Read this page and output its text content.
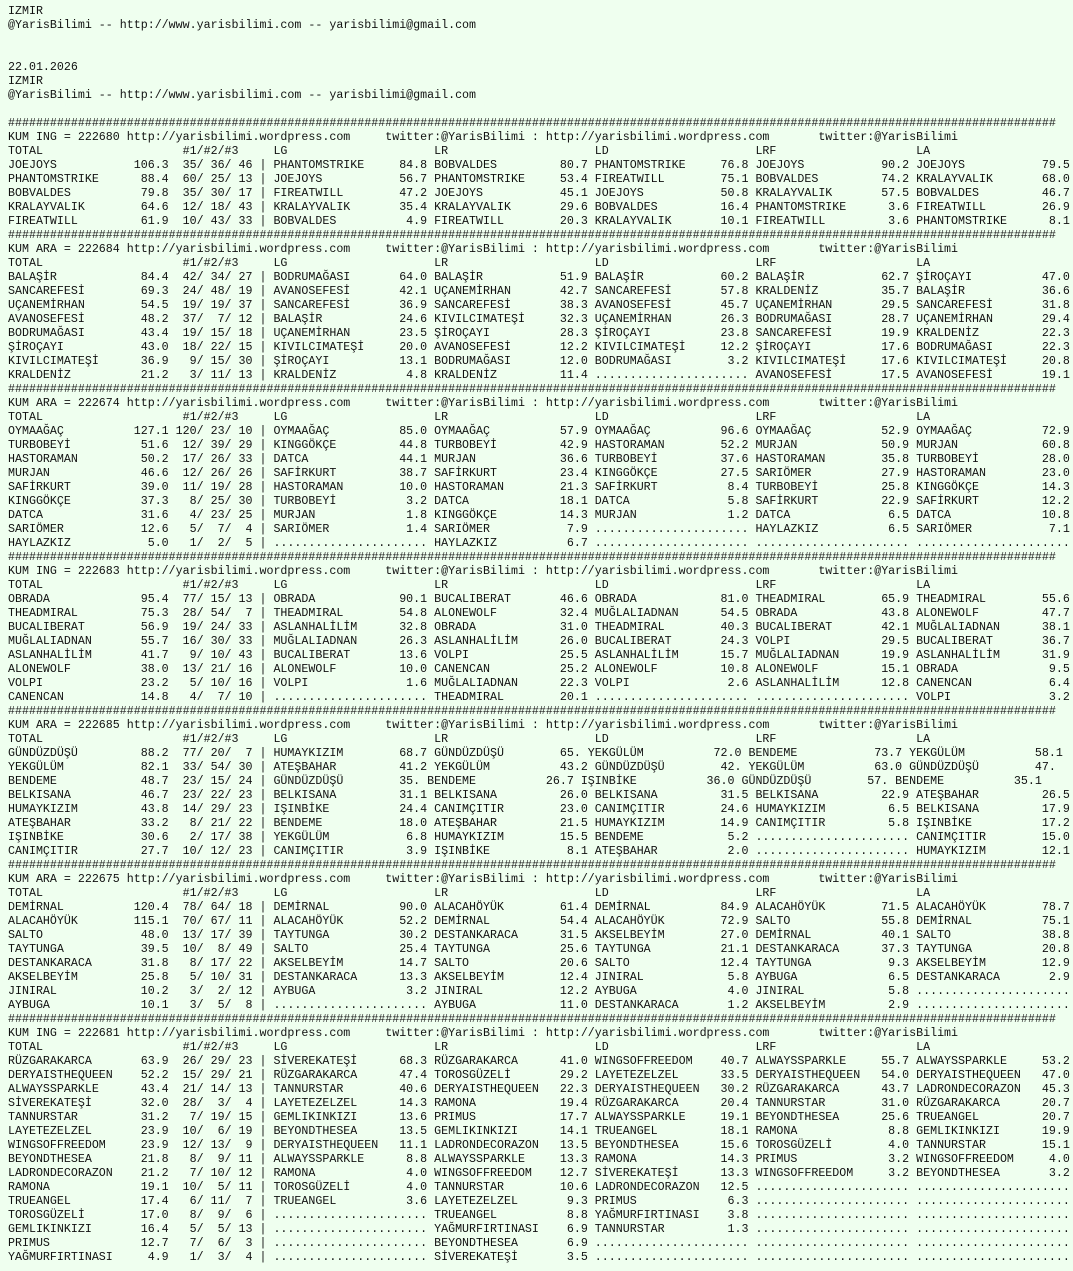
IZMIR
@YarisBilimi -- http://www.yarisbilimi.com -- yarisbilimi@gmail.com
22.01.2026
IZMIR
@YarisBilimi -- http://www.yarisbilimi.com -- yarisbilimi@gmail.com
######################################################################################################################################################
KUM ING = 222680 http://yarisbilimi.wordpress.com     twitter:@YarisBilimi : http://yarisbilimi.wordpress.com       twitter:@YarisBilimi
TOTAL                    #1/#2/#3     LG                     LR                     LD                     LRF                    LA
JOEJOYS           106.3  35/ 36/ 46 | PHANTOMSTRIKE     84.8 BOBVALDES         80.7 PHANTOMSTRIKE     76.8 JOEJOYS           90.2 JOEJOYS           79.5
PHANTOMSTRIKE      88.4  60/ 25/ 13 | JOEJOYS           56.7 PHANTOMSTRIKE     53.4 FIREATWILL        75.1 BOBVALDES         74.2 KRALAYVALIK       68.0
BOBVALDES          79.8  35/ 30/ 17 | FIREATWILL        47.2 JOEJOYS           45.1 JOEJOYS           50.8 KRALAYVALIK       57.5 BOBVALDES         46.7
KRALAYVALIK        64.6  12/ 18/ 43 | KRALAYVALIK       35.4 KRALAYVALIK       29.6 BOBVALDES         16.4 PHANTOMSTRIKE      3.6 FIREATWILL        26.9
FIREATWILL         61.9  10/ 43/ 33 | BOBVALDES          4.9 FIREATWILL        20.3 KRALAYVALIK       10.1 FIREATWILL         3.6 PHANTOMSTRIKE      8.1
######################################################################################################################################################
KUM ARA = 222684 http://yarisbilimi.wordpress.com     twitter:@YarisBilimi : http://yarisbilimi.wordpress.com       twitter:@YarisBilimi
TOTAL                    #1/#2/#3     LG                     LR                     LD                     LRF                    LA
BALAŞİR            84.4  42/ 34/ 27 | BODRUMAĞASI       64.0 BALAŞİR           51.9 BALAŞİR           60.2 BALAŞİR           62.7 ŞİROÇAYI          47.0
SANCAREFESİ        69.3  24/ 48/ 19 | AVANOSEFESİ       42.1 UÇANEMİRHAN       42.7 SANCAREFESİ       57.8 KRALDENİZ         35.7 BALAŞİR           36.6
UÇANEMİRHAN        54.5  19/ 19/ 37 | SANCAREFESİ       36.9 SANCAREFESİ       38.3 AVANOSEFESİ       45.7 UÇANEMİRHAN       29.5 SANCAREFESİ       31.8
AVANOSEFESİ        48.2  37/  7/ 12 | BALAŞİR           24.6 KIVILCIMATEŞİ     32.3 UÇANEMİRHAN       26.3 BODRUMAĞASI       28.7 UÇANEMİRHAN       29.4
BODRUMAĞASI        43.4  19/ 15/ 18 | UÇANEMİRHAN       23.5 ŞİROÇAYI          28.3 ŞİROÇAYI          23.8 SANCAREFESİ       19.9 KRALDENİZ         22.3
ŞİROÇAYI           43.0  18/ 22/ 15 | KIVILCIMATEŞİ     20.0 AVANOSEFESİ       12.2 KIVILCIMATEŞİ     12.2 ŞİROÇAYI          17.6 BODRUMAĞASI       22.3
KIVILCIMATEŞİ      36.9   9/ 15/ 30 | ŞİROÇAYI          13.1 BODRUMAĞASI       12.0 BODRUMAĞASI        3.2 KIVILCIMATEŞİ     17.6 KIVILCIMATEŞİ     20.8
KRALDENİZ          21.2   3/ 11/ 13 | KRALDENİZ          4.8 KRALDENİZ         11.4 ...................... AVANOSEFESİ       17.5 AVANOSEFESİ       19.1
######################################################################################################################################################
KUM ARA = 222674 http://yarisbilimi.wordpress.com     twitter:@YarisBilimi : http://yarisbilimi.wordpress.com       twitter:@YarisBilimi
TOTAL                    #1/#2/#3     LG                     LR                     LD                     LRF                    LA
OYMAAĞAÇ          127.1 120/ 23/ 10 | OYMAAĞAÇ          85.0 OYMAAĞAÇ          57.9 OYMAAĞAÇ          96.6 OYMAAĞAÇ          52.9 OYMAAĞAÇ          72.9
TURBOBEYİ          51.6  12/ 39/ 29 | KINGGÖKÇE         44.8 TURBOBEYİ         42.9 HASTORAMAN        52.2 MURJAN            50.9 MURJAN            60.8
HASTORAMAN         50.2  17/ 26/ 33 | DATCA             44.1 MURJAN            36.6 TURBOBEYİ         37.6 HASTORAMAN        35.8 TURBOBEYİ         28.0
MURJAN             46.6  12/ 26/ 26 | SAFİRKURT         38.7 SAFİRKURT         23.4 KINGGÖKÇE         27.5 SARIÖMER          27.9 HASTORAMAN        23.0
SAFİRKURT          39.0  11/ 19/ 28 | HASTORAMAN        10.0 HASTORAMAN        21.3 SAFİRKURT          8.4 TURBOBEYİ         25.8 KINGGÖKÇE         14.3
KINGGÖKÇE          37.3   8/ 25/ 30 | TURBOBEYİ          3.2 DATCA             18.1 DATCA              5.8 SAFİRKURT         22.9 SAFİRKURT         12.2
DATCA              31.6   4/ 23/ 25 | MURJAN             1.8 KINGGÖKÇE         14.3 MURJAN             1.2 DATCA              6.5 DATCA             10.8
SARIÖMER           12.6   5/  7/  4 | SARIÖMER           1.4 SARIÖMER           7.9 ...................... HAYLAZKIZ          6.5 SARIÖMER           7.1
HAYLAZKIZ           5.0   1/  2/  5 | ...................... HAYLAZKIZ          6.7 ...................... ...................... ......................
######################################################################################################################################################
KUM ING = 222683 http://yarisbilimi.wordpress.com     twitter:@YarisBilimi : http://yarisbilimi.wordpress.com       twitter:@YarisBilimi
TOTAL                    #1/#2/#3     LG                     LR                     LD                     LRF                    LA
OBRADA             95.4  77/ 15/ 13 | OBRADA            90.1 BUCALIBERAT       46.6 OBRADA            81.0 THEADMIRAL        65.9 THEADMIRAL        55.6
THEADMIRAL         75.3  28/ 54/  7 | THEADMIRAL        54.8 ALONEWOLF         32.4 MUĞLALIADNAN      54.5 OBRADA            43.8 ALONEWOLF         47.7
BUCALIBERAT        56.9  19/ 24/ 33 | ASLANHALİLİM      32.8 OBRADA            31.0 THEADMIRAL        40.3 BUCALIBERAT       42.1 MUĞLALIADNAN      38.1
MUĞLALIADNAN       55.7  16/ 30/ 33 | MUĞLALIADNAN      26.3 ASLANHALİLİM      26.0 BUCALIBERAT       24.3 VOLPI             29.5 BUCALIBERAT       36.7
ASLANHALİLİM       41.7   9/ 10/ 43 | BUCALIBERAT       13.6 VOLPI             25.5 ASLANHALİLİM      15.7 MUĞLALIADNAN      19.9 ASLANHALİLİM      31.9
ALONEWOLF          38.0  13/ 21/ 16 | ALONEWOLF         10.0 CANENCAN          25.2 ALONEWOLF         10.8 ALONEWOLF         15.1 OBRADA             9.5
VOLPI              23.2   5/ 10/ 16 | VOLPI              1.6 MUĞLALIADNAN      22.3 VOLPI              2.6 ASLANHALİLİM      12.8 CANENCAN           6.4
CANENCAN           14.8   4/  7/ 10 | ...................... THEADMIRAL        20.1 ...................... ...................... VOLPI              3.2
######################################################################################################################################################
KUM ARA = 222685 http://yarisbilimi.wordpress.com     twitter:@YarisBilimi : http://yarisbilimi.wordpress.com       twitter:@YarisBilimi
TOTAL                    #1/#2/#3     LG                     LR                     LD                     LRF                    LA
GÜNDÜZDÜŞÜ         88.2  77/ 20/  7 | HUMAYKIZIM        68.7 GÜNDÜZDÜŞÜ        65. YEKGÜLÜM          72.0 BENDEME           73.7 YEKGÜLÜM          58.1
YEKGÜLÜM           82.1  33/ 54/ 30 | ATEŞBAHAR         41.2 YEKGÜLÜM          43.2 GÜNDÜZDÜŞÜ        42. YEKGÜLÜM          63.0 GÜNDÜZDÜŞÜ        47.
BENDEME            48.7  23/ 15/ 24 | GÜNDÜZDÜŞÜ        35. BENDEME          26.7 IŞINBİKE          36.0 GÜNDÜZDÜŞÜ        57. BENDEME          35.1
BELKISANA          46.7  23/ 22/ 23 | BELKISANA         31.1 BELKISANA         26.0 BELKISANA         31.5 BELKISANA         22.9 ATEŞBAHAR         26.5
HUMAYKIZIM         43.8  14/ 29/ 23 | IŞINBİKE          24.4 CANIMÇITIR        23.0 CANIMÇITIR        24.6 HUMAYKIZIM         6.5 BELKISANA         17.9
ATEŞBAHAR          33.2   8/ 21/ 22 | BENDEME           18.0 ATEŞBAHAR         21.5 HUMAYKIZIM        14.9 CANIMÇITIR         5.8 IŞINBİKE          17.2
IŞINBİKE           30.6   2/ 17/ 38 | YEKGÜLÜM           6.8 HUMAYKIZIM        15.5 BENDEME            5.2 ...................... CANIMÇITIR        15.0
CANIMÇITIR         27.7  10/ 12/ 23 | CANIMÇITIR         3.9 IŞINBİKE           8.1 ATEŞBAHAR          2.0 ...................... HUMAYKIZIM        12.1
######################################################################################################################################################
KUM ARA = 222675 http://yarisbilimi.wordpress.com     twitter:@YarisBilimi : http://yarisbilimi.wordpress.com       twitter:@YarisBilimi
TOTAL                    #1/#2/#3     LG                     LR                     LD                     LRF                    LA
DEMİRNAL          120.4  78/ 64/ 18 | DEMİRNAL          90.0 ALACAHÖYÜK        61.4 DEMİRNAL          84.9 ALACAHÖYÜK        71.5 ALACAHÖYÜK        78.7
ALACAHÖYÜK        115.1  70/ 67/ 11 | ALACAHÖYÜK        52.2 DEMİRNAL          54.4 ALACAHÖYÜK        72.9 SALTO             55.8 DEMİRNAL          75.1
SALTO              48.0  13/ 17/ 39 | TAYTUNGA          30.2 DESTANKARACA      31.5 AKSELBEYİM        27.0 DEMİRNAL          40.1 SALTO             38.8
TAYTUNGA           39.5  10/  8/ 49 | SALTO             25.4 TAYTUNGA          25.6 TAYTUNGA          21.1 DESTANKARACA      37.3 TAYTUNGA          20.8
DESTANKARACA       31.8   8/ 17/ 22 | AKSELBEYİM        14.7 SALTO             20.6 SALTO             12.4 TAYTUNGA           9.3 AKSELBEYİM        12.9
AKSELBEYİM         25.8   5/ 10/ 31 | DESTANKARACA      13.3 AKSELBEYİM        12.4 JINIRAL            5.8 AYBUGA             6.5 DESTANKARACA       2.9
JINIRAL            10.2   3/  2/ 12 | AYBUGA             3.2 JINIRAL           12.2 AYBUGA             4.0 JINIRAL            5.8 ......................
AYBUGA             10.1   3/  5/  8 | ...................... AYBUGA            11.0 DESTANKARACA       1.2 AKSELBEYİM         2.9 ......................
######################################################################################################################################################
KUM ING = 222681 http://yarisbilimi.wordpress.com     twitter:@YarisBilimi : http://yarisbilimi.wordpress.com       twitter:@YarisBilimi
TOTAL                    #1/#2/#3     LG                     LR                     LD                     LRF                    LA
RÜZGARAKARCA       63.9  26/ 29/ 23 | SİVEREKATEŞİ      68.3 RÜZGARAKARCA      41.0 WINGSOFFREEDOM    40.7 ALWAYSSPARKLE     55.7 ALWAYSSPARKLE     53.2
DERYAISTHEQUEEN    52.2  15/ 29/ 21 | RÜZGARAKARCA      47.4 TOROSGÜZELİ       29.2 LAYETEZELZEL      33.5 DERYAISTHEQUEEN   54.0 DERYAISTHEQUEEN   47.0
ALWAYSSPARKLE      43.4  21/ 14/ 13 | TANNURSTAR        40.6 DERYAISTHEQUEEN   22.3 DERYAISTHEQUEEN   30.2 RÜZGARAKARCA      43.7 LADRONDECORAZON   45.3
SİVEREKATEŞİ       32.0  28/  3/  4 | LAYETEZELZEL      14.3 RAMONA            19.4 RÜZGARAKARCA      20.4 TANNURSTAR        31.0 RÜZGARAKARCA      20.7
TANNURSTAR         31.2   7/ 19/ 15 | GEMLIKINKIZI      13.6 PRIMUS            17.7 ALWAYSSPARKLE     19.1 BEYONDTHESEA      25.6 TRUEANGEL         20.7
LAYETEZELZEL       23.9  10/  6/ 19 | BEYONDTHESEA      13.5 GEMLIKINKIZI      14.1 TRUEANGEL         18.1 RAMONA             8.8 GEMLIKINKIZI      19.9
WINGSOFFREEDOM     23.9  12/ 13/  9 | DERYAISTHEQUEEN   11.1 LADRONDECORAZON   13.5 BEYONDTHESEA      15.6 TOROSGÜZELİ        4.0 TANNURSTAR        15.1
BEYONDTHESEA       21.8   8/  9/ 11 | ALWAYSSPARKLE      8.8 ALWAYSSPARKLE     13.3 RAMONA            14.3 PRIMUS             3.2 WINGSOFFREEDOM     4.0
LADRONDECORAZON    21.2   7/ 10/ 12 | RAMONA             4.0 WINGSOFFREEDOM    12.7 SİVEREKATEŞİ      13.3 WINGSOFFREEDOM     3.2 BEYONDTHESEA       3.2
RAMONA             19.1  10/  5/ 11 | TOROSGÜZELİ        4.0 TANNURSTAR        10.6 LADRONDECORAZON   12.5 ...................... ......................
TRUEANGEL          17.4   6/ 11/  7 | TRUEANGEL          3.6 LAYETEZELZEL       9.3 PRIMUS             6.3 ...................... ......................
TOROSGÜZELİ        17.0   8/  9/  6 | ...................... TRUEANGEL          8.8 YAĞMURFIRTINASI    3.8 ...................... ......................
GEMLIKINKIZI       16.4   5/  5/ 13 | ...................... YAĞMURFIRTINASI    6.9 TANNURSTAR         1.3 ...................... ......................
PRIMUS             12.7   7/  6/  3 | ...................... BEYONDTHESEA       6.9 ...................... ...................... ......................
YAĞMURFIRTINASI     4.9   1/  3/  4 | ...................... SİVEREKATEŞİ       3.5 ...................... ...................... ......................
